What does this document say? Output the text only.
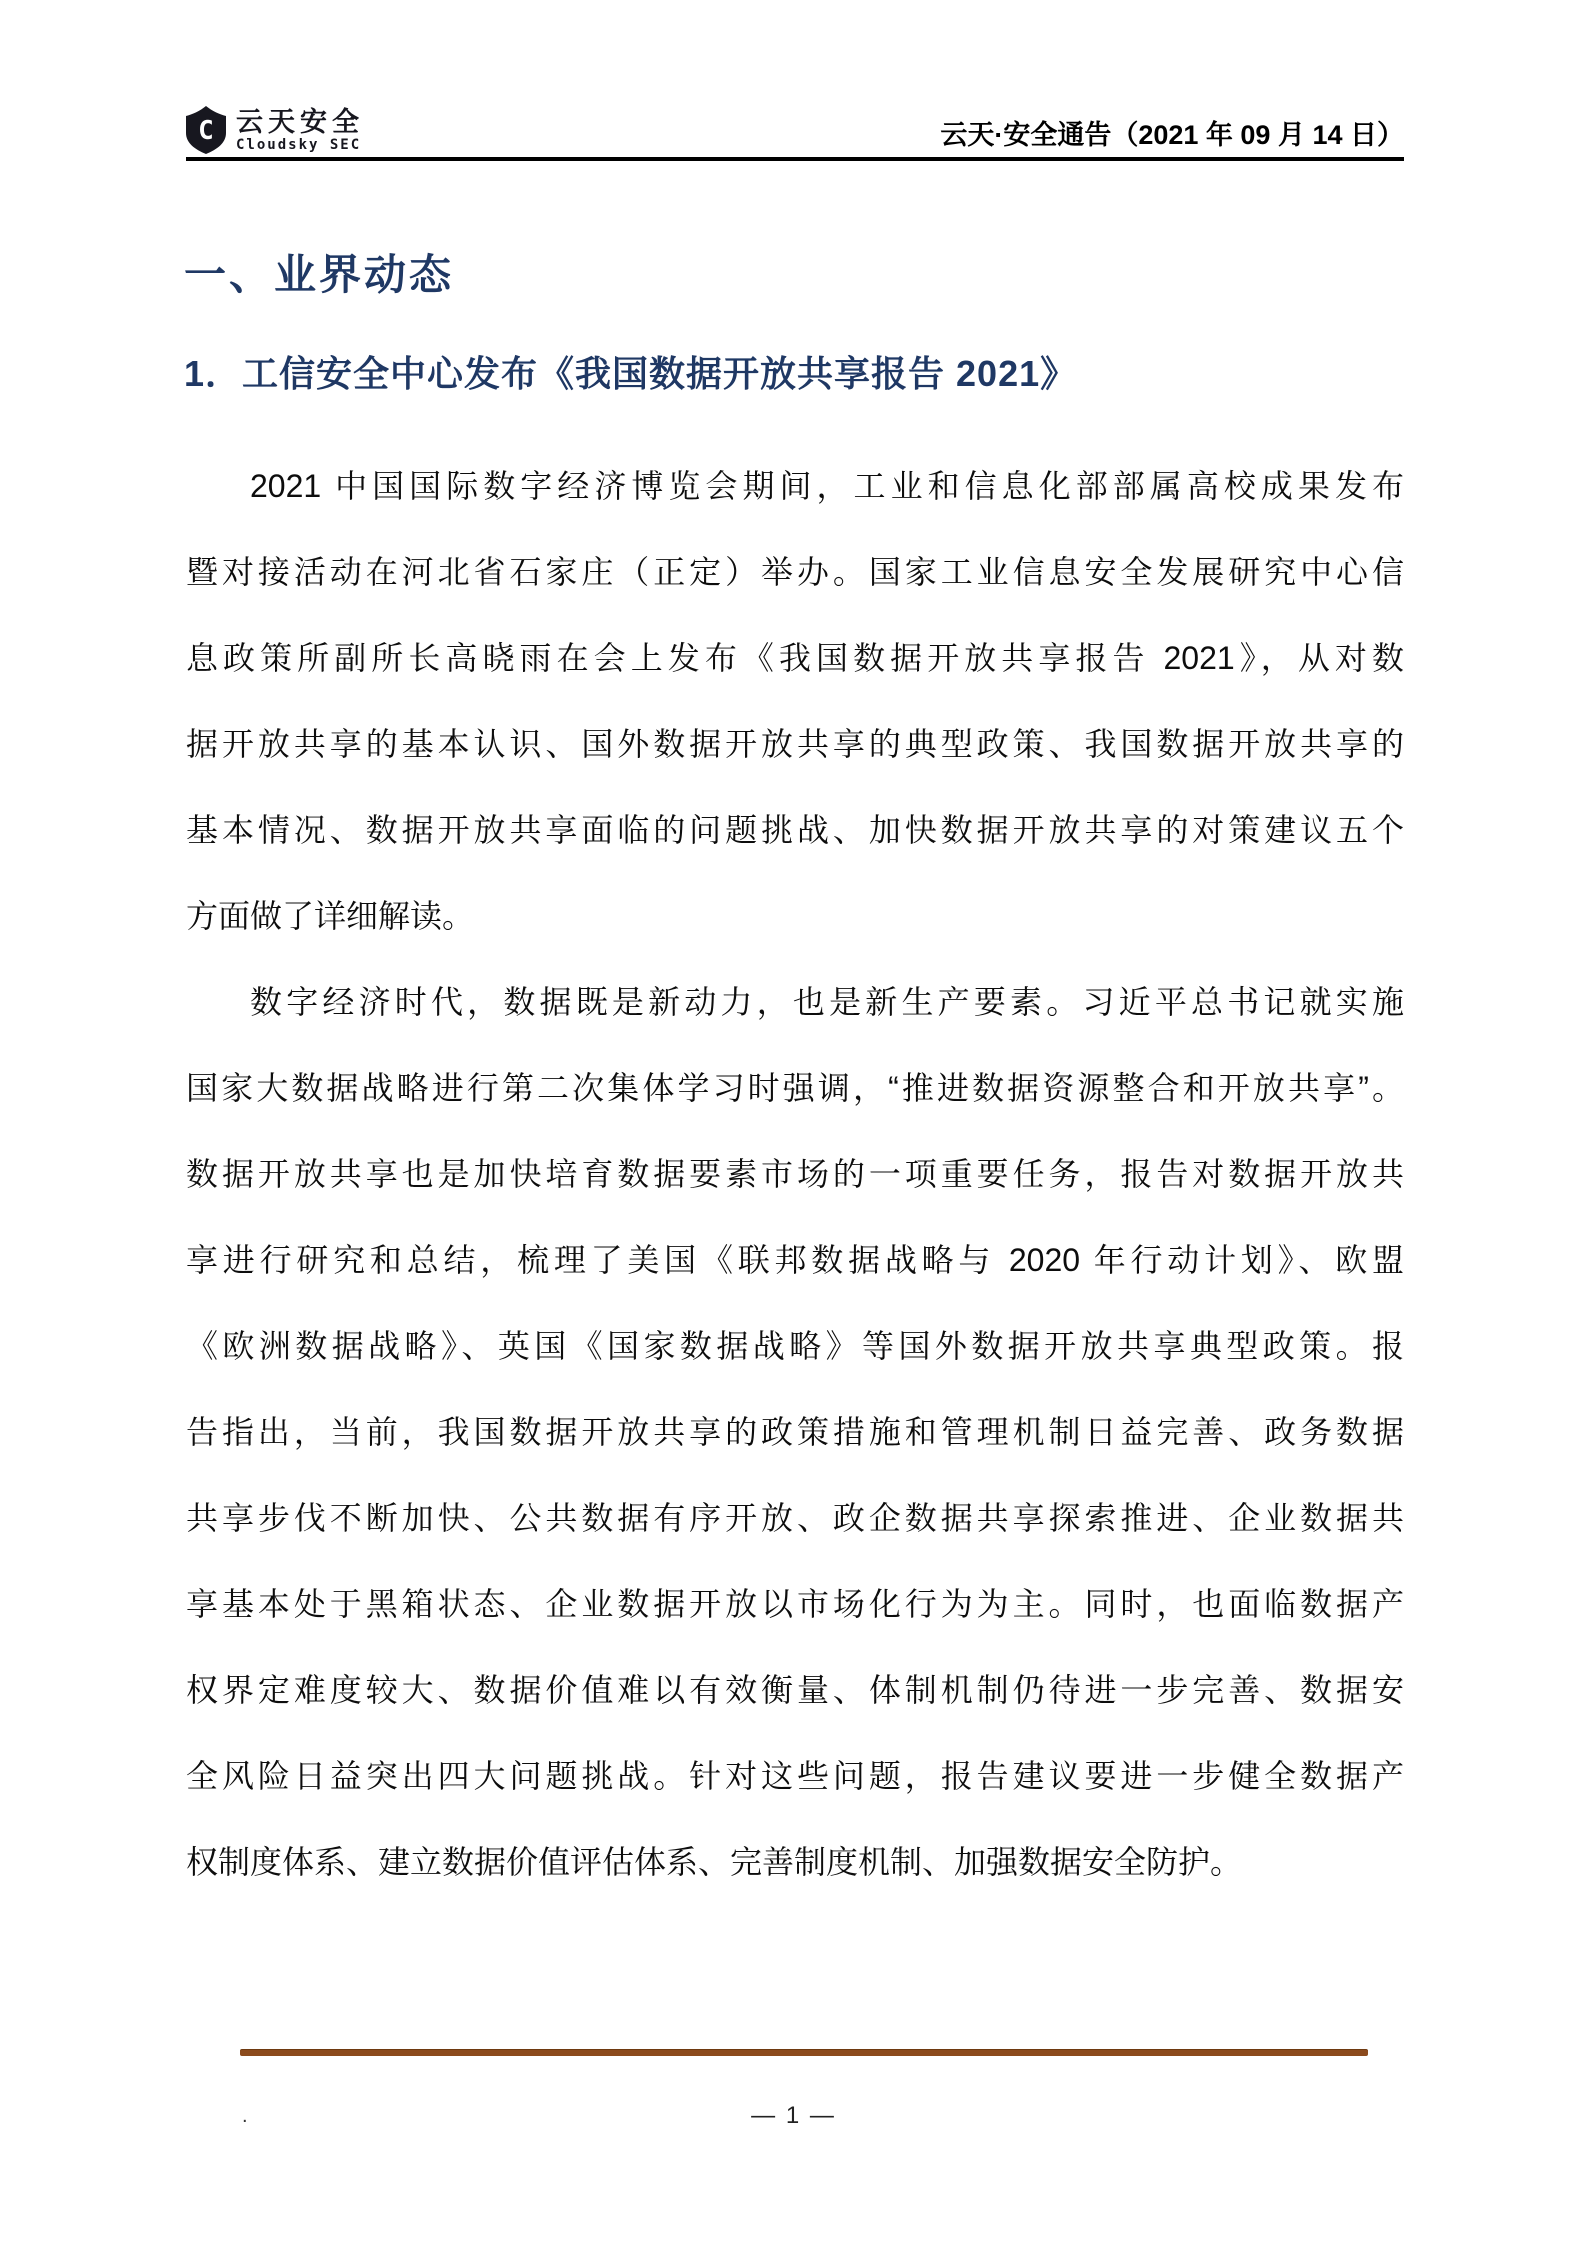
C 云天安全
Cloudsky SEC	云天·安全通告（2021 年 09 月 14 日）
一、业界动态
1．工信安全中心发布《我国数据开放共享报告 2021》
2021 中国国际数字经济博览会期间，工业和信息化部部属高校成果发布
暨对接活动在河北省石家庄（正定）举办。国家工业信息安全发展研究中心信
息政策所副所长高晓雨在会上发布《我国数据开放共享报告 2021》，从对数
据开放共享的基本认识、国外数据开放共享的典型政策、我国数据开放共享的
基本情况、数据开放共享面临的问题挑战、加快数据开放共享的对策建议五个
方面做了详细解读。
数字经济时代，数据既是新动力，也是新生产要素。习近平总书记就实施
国家大数据战略进行第二次集体学习时强调，“推进数据资源整合和开放共享”。
数据开放共享也是加快培育数据要素市场的一项重要任务，报告对数据开放共
享进行研究和总结，梳理了美国《联邦数据战略与 2020 年行动计划》、欧盟
《欧洲数据战略》、英国《国家数据战略》等国外数据开放共享典型政策。报
告指出，当前，我国数据开放共享的政策措施和管理机制日益完善、政务数据
共享步伐不断加快、公共数据有序开放、政企数据共享探索推进、企业数据共
享基本处于黑箱状态、企业数据开放以市场化行为为主。同时，也面临数据产
权界定难度较大、数据价值难以有效衡量、体制机制仍待进一步完善、数据安
全风险日益突出四大问题挑战。针对这些问题，报告建议要进一步健全数据产
权制度体系、建立数据价值评估体系、完善制度机制、加强数据安全防护。
.	— 1 —
